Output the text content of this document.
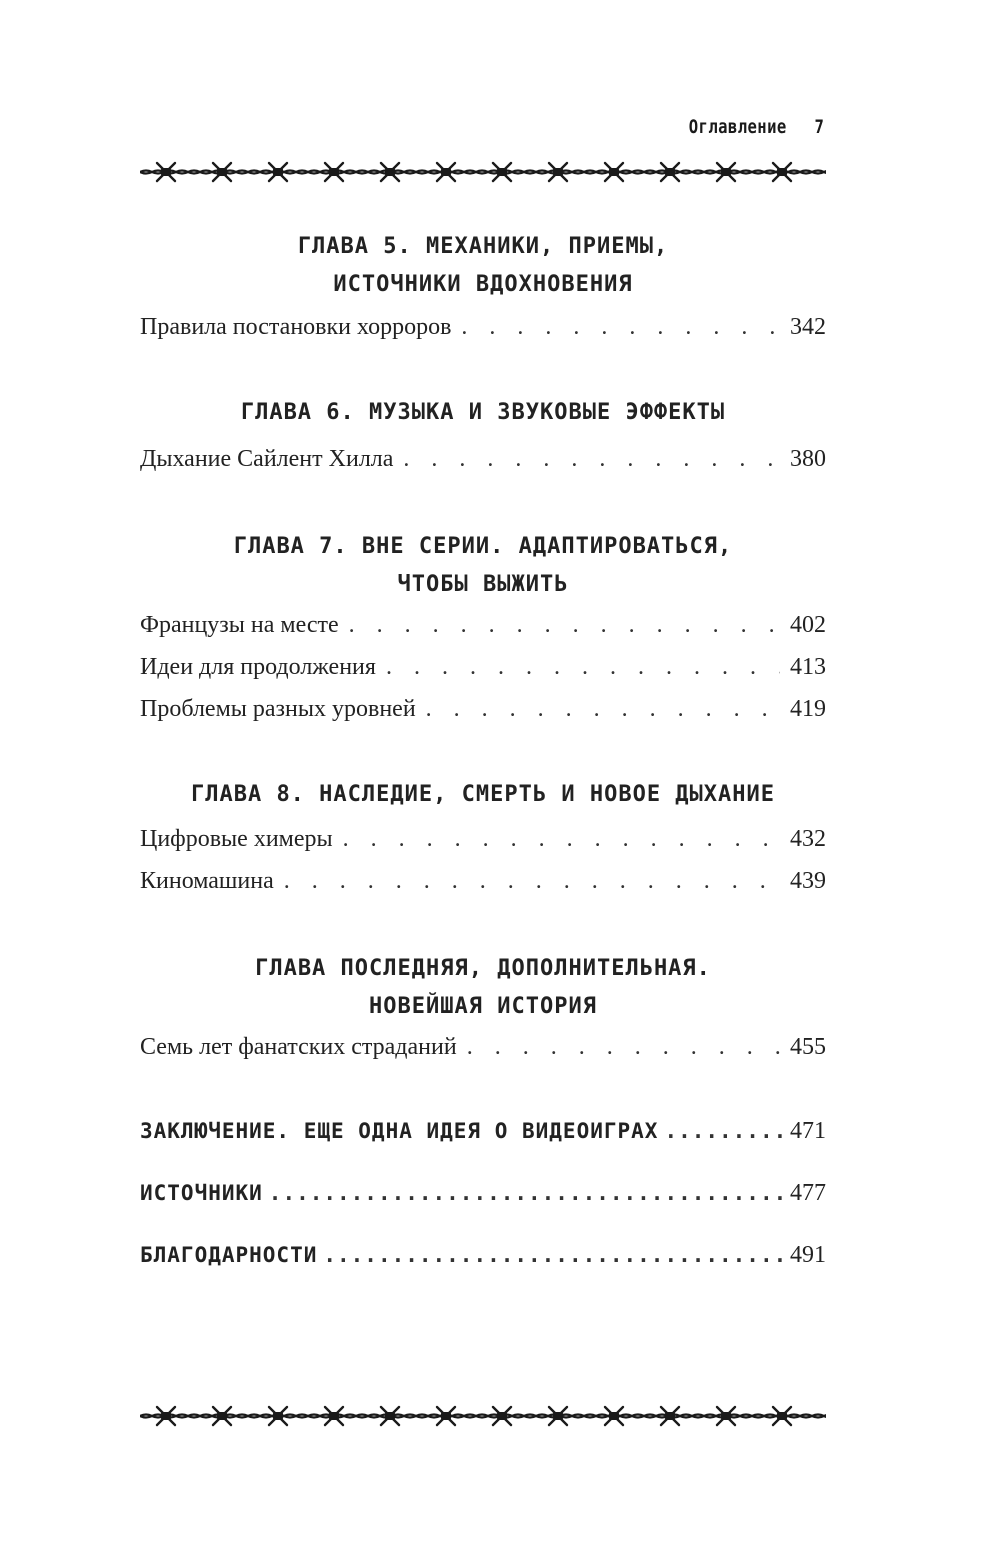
Оглавление 7
ГЛАВА 5. МЕХАНИКИ, ПРИЕМЫ,
ИСТОЧНИКИ ВДОХНОВЕНИЯ
Правила постановки хорроров . . .	342
ГЛАВА 6. МУЗЫКА И ЗВУКОВЫЕ ЭФФЕКТЫ
Дыхание Сайлент Хилла . . .	380
ГЛАВА 7. ВНЕ СЕРИИ. АДАПТИРОВАТЬСЯ,
ЧТОБЫ ВЫЖИТЬ
Французы на месте . . .	402
Идеи для продолжения . . .	413
Проблемы разных уровней . . .	419
ГЛАВА 8. НАСЛЕДИЕ, СМЕРТЬ И НОВОЕ ДЫХАНИЕ
Цифровые химеры . . .	432
Киномашина . . .	439
ГЛАВА ПОСЛЕДНЯЯ, ДОПОЛНИТЕЛЬНАЯ.
НОВЕЙШАЯ ИСТОРИЯ
Семь лет фанатских страданий . . .	455
ЗАКЛЮЧЕНИЕ. ЕЩЕ ОДНА ИДЕЯ О ВИДЕОИГРАХ .....	471
ИСТОЧНИКИ .....	477
БЛАГОДАРНОСТИ .....	491
